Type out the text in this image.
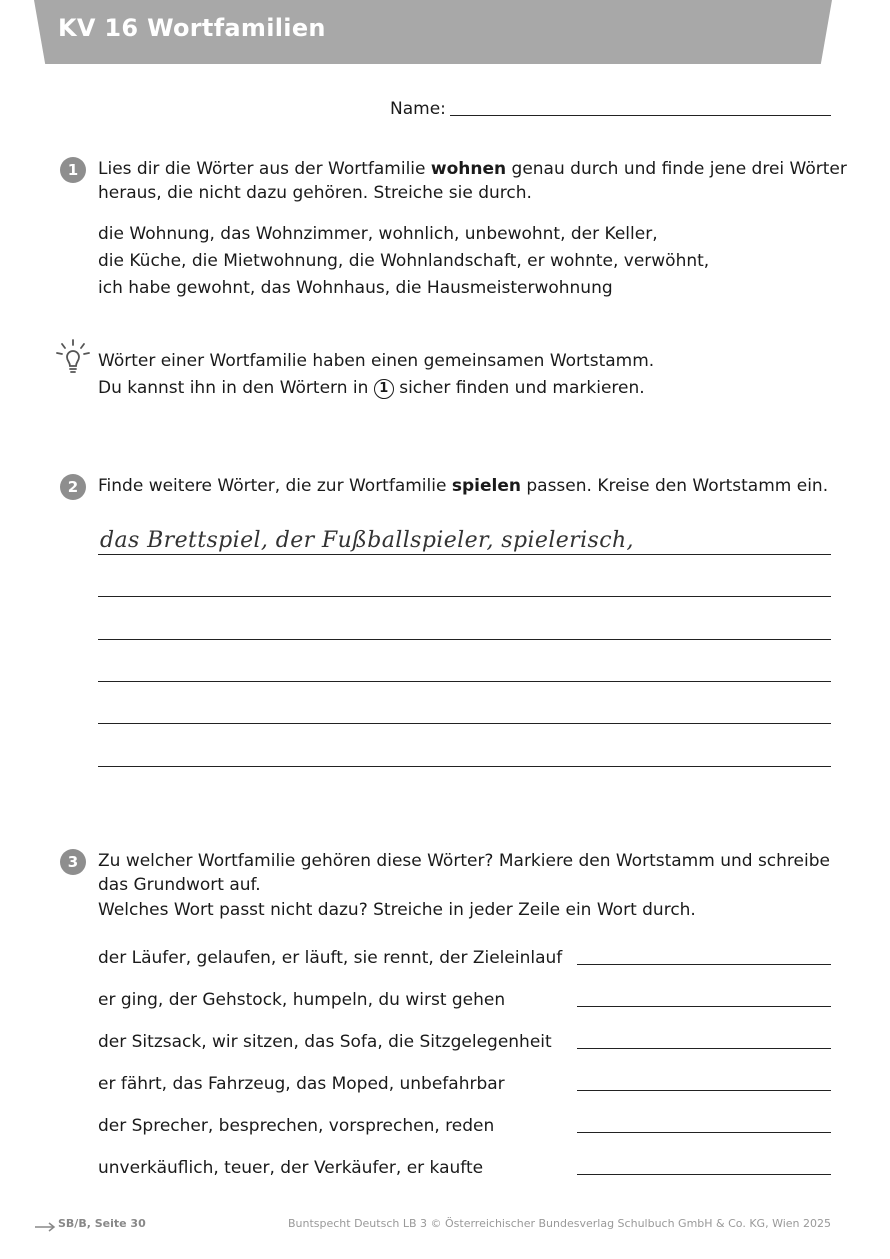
KV 16 Wortfamilien
Name:
1	Lies dir die Wörter aus der Wortfamilie wohnen genau durch und finde jene drei Wörter
heraus, die nicht dazu gehören. Streiche sie durch.
die Wohnung, das Wohnzimmer, wohnlich, unbewohnt, der Keller,
die Küche, die Mietwohnung, die Wohnlandschaft, er wohnte, verwöhnt,
ich habe gewohnt, das Wohnhaus, die Hausmeisterwohnung
Wörter einer Wortfamilie haben einen gemeinsamen Wortstamm.
Du kannst ihn in den Wörtern in 1 sicher finden und markieren.
2	Finde weitere Wörter, die zur Wortfamilie spielen passen. Kreise den Wortstamm ein.
das Brettspiel, der Fußballspieler, spielerisch,
3	Zu welcher Wortfamilie gehören diese Wörter? Markiere den Wortstamm und schreibe
das Grundwort auf.
Welches Wort passt nicht dazu? Streiche in jeder Zeile ein Wort durch.
der Läufer, gelaufen, er läuft, sie rennt, der Zieleinlauf
er ging, der Gehstock, humpeln, du wirst gehen
der Sitzsack, wir sitzen, das Sofa, die Sitzgelegenheit
er fährt, das Fahrzeug, das Moped, unbefahrbar
der Sprecher, besprechen, vorsprechen, reden
unverkäuflich, teuer, der Verkäufer, er kaufte
SB/B, Seite 30	Buntspecht Deutsch LB 3 © Österreichischer Bundesverlag Schulbuch GmbH & Co. KG, Wien 2025
